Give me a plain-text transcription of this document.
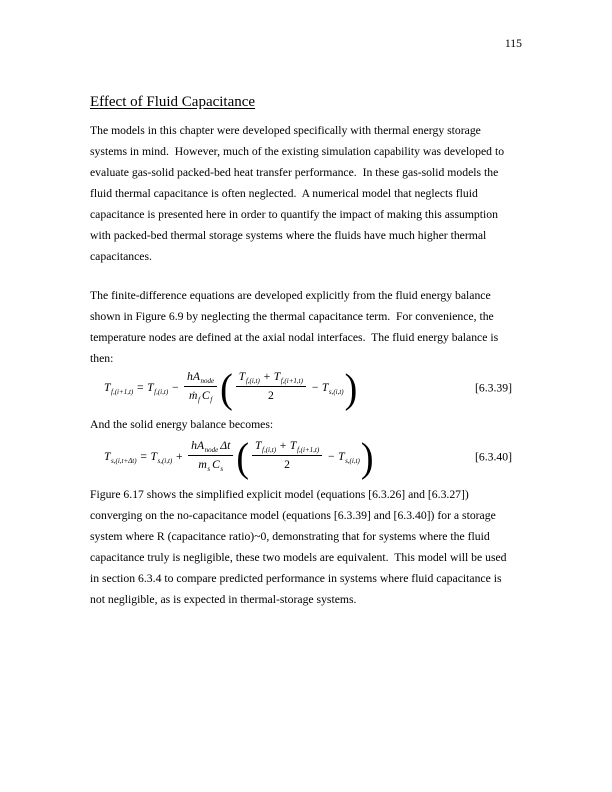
115
Effect of Fluid Capacitance
The models in this chapter were developed specifically with thermal energy storage
systems in mind.  However, much of the existing simulation capability was developed to
evaluate gas-solid packed-bed heat transfer performance.  In these gas-solid models the
fluid thermal capacitance is often neglected.  A numerical model that neglects fluid
capacitance is presented here in order to quantify the impact of making this assumption
with packed-bed thermal storage systems where the fluids have much higher thermal
capacitances.
The finite-difference equations are developed explicitly from the fluid energy balance
shown in Figure 6.9 by neglecting the thermal capacitance term.  For convenience, the
temperature nodes are defined at the axial nodal interfaces.  The fluid energy balance is
then:
T f,(i+1,t) = T $f,(i,t) - \frac{\text{hA node}}{\text{ṁ f C f}}$ ( $\frac{\text{T f,(i,t) + T f,(i+1,t)}}{2} - T$ s,(i,t) )	[6.3.39]
And the solid energy balance becomes:
T s,(i,t+Δt) = T $s,(i,t) + \frac{\text{hA node Δt}}{\text{m s C s}}$ ( $\frac{\text{T f,(i,t) + T f,(i+1,t)}}{2} - T$ s,(i,t) )	[6.3.40]
Figure 6.17 shows the simplified explicit model (equations [6.3.26] and [6.3.27])
converging on the no-capacitance model (equations [6.3.39] and [6.3.40]) for a storage
system where R (capacitance ratio)~0, demonstrating that for systems where the fluid
capacitance truly is negligible, these two models are equivalent.  This model will be used
in section 6.3.4 to compare predicted performance in systems where fluid capacitance is
not negligible, as is expected in thermal-storage systems.
